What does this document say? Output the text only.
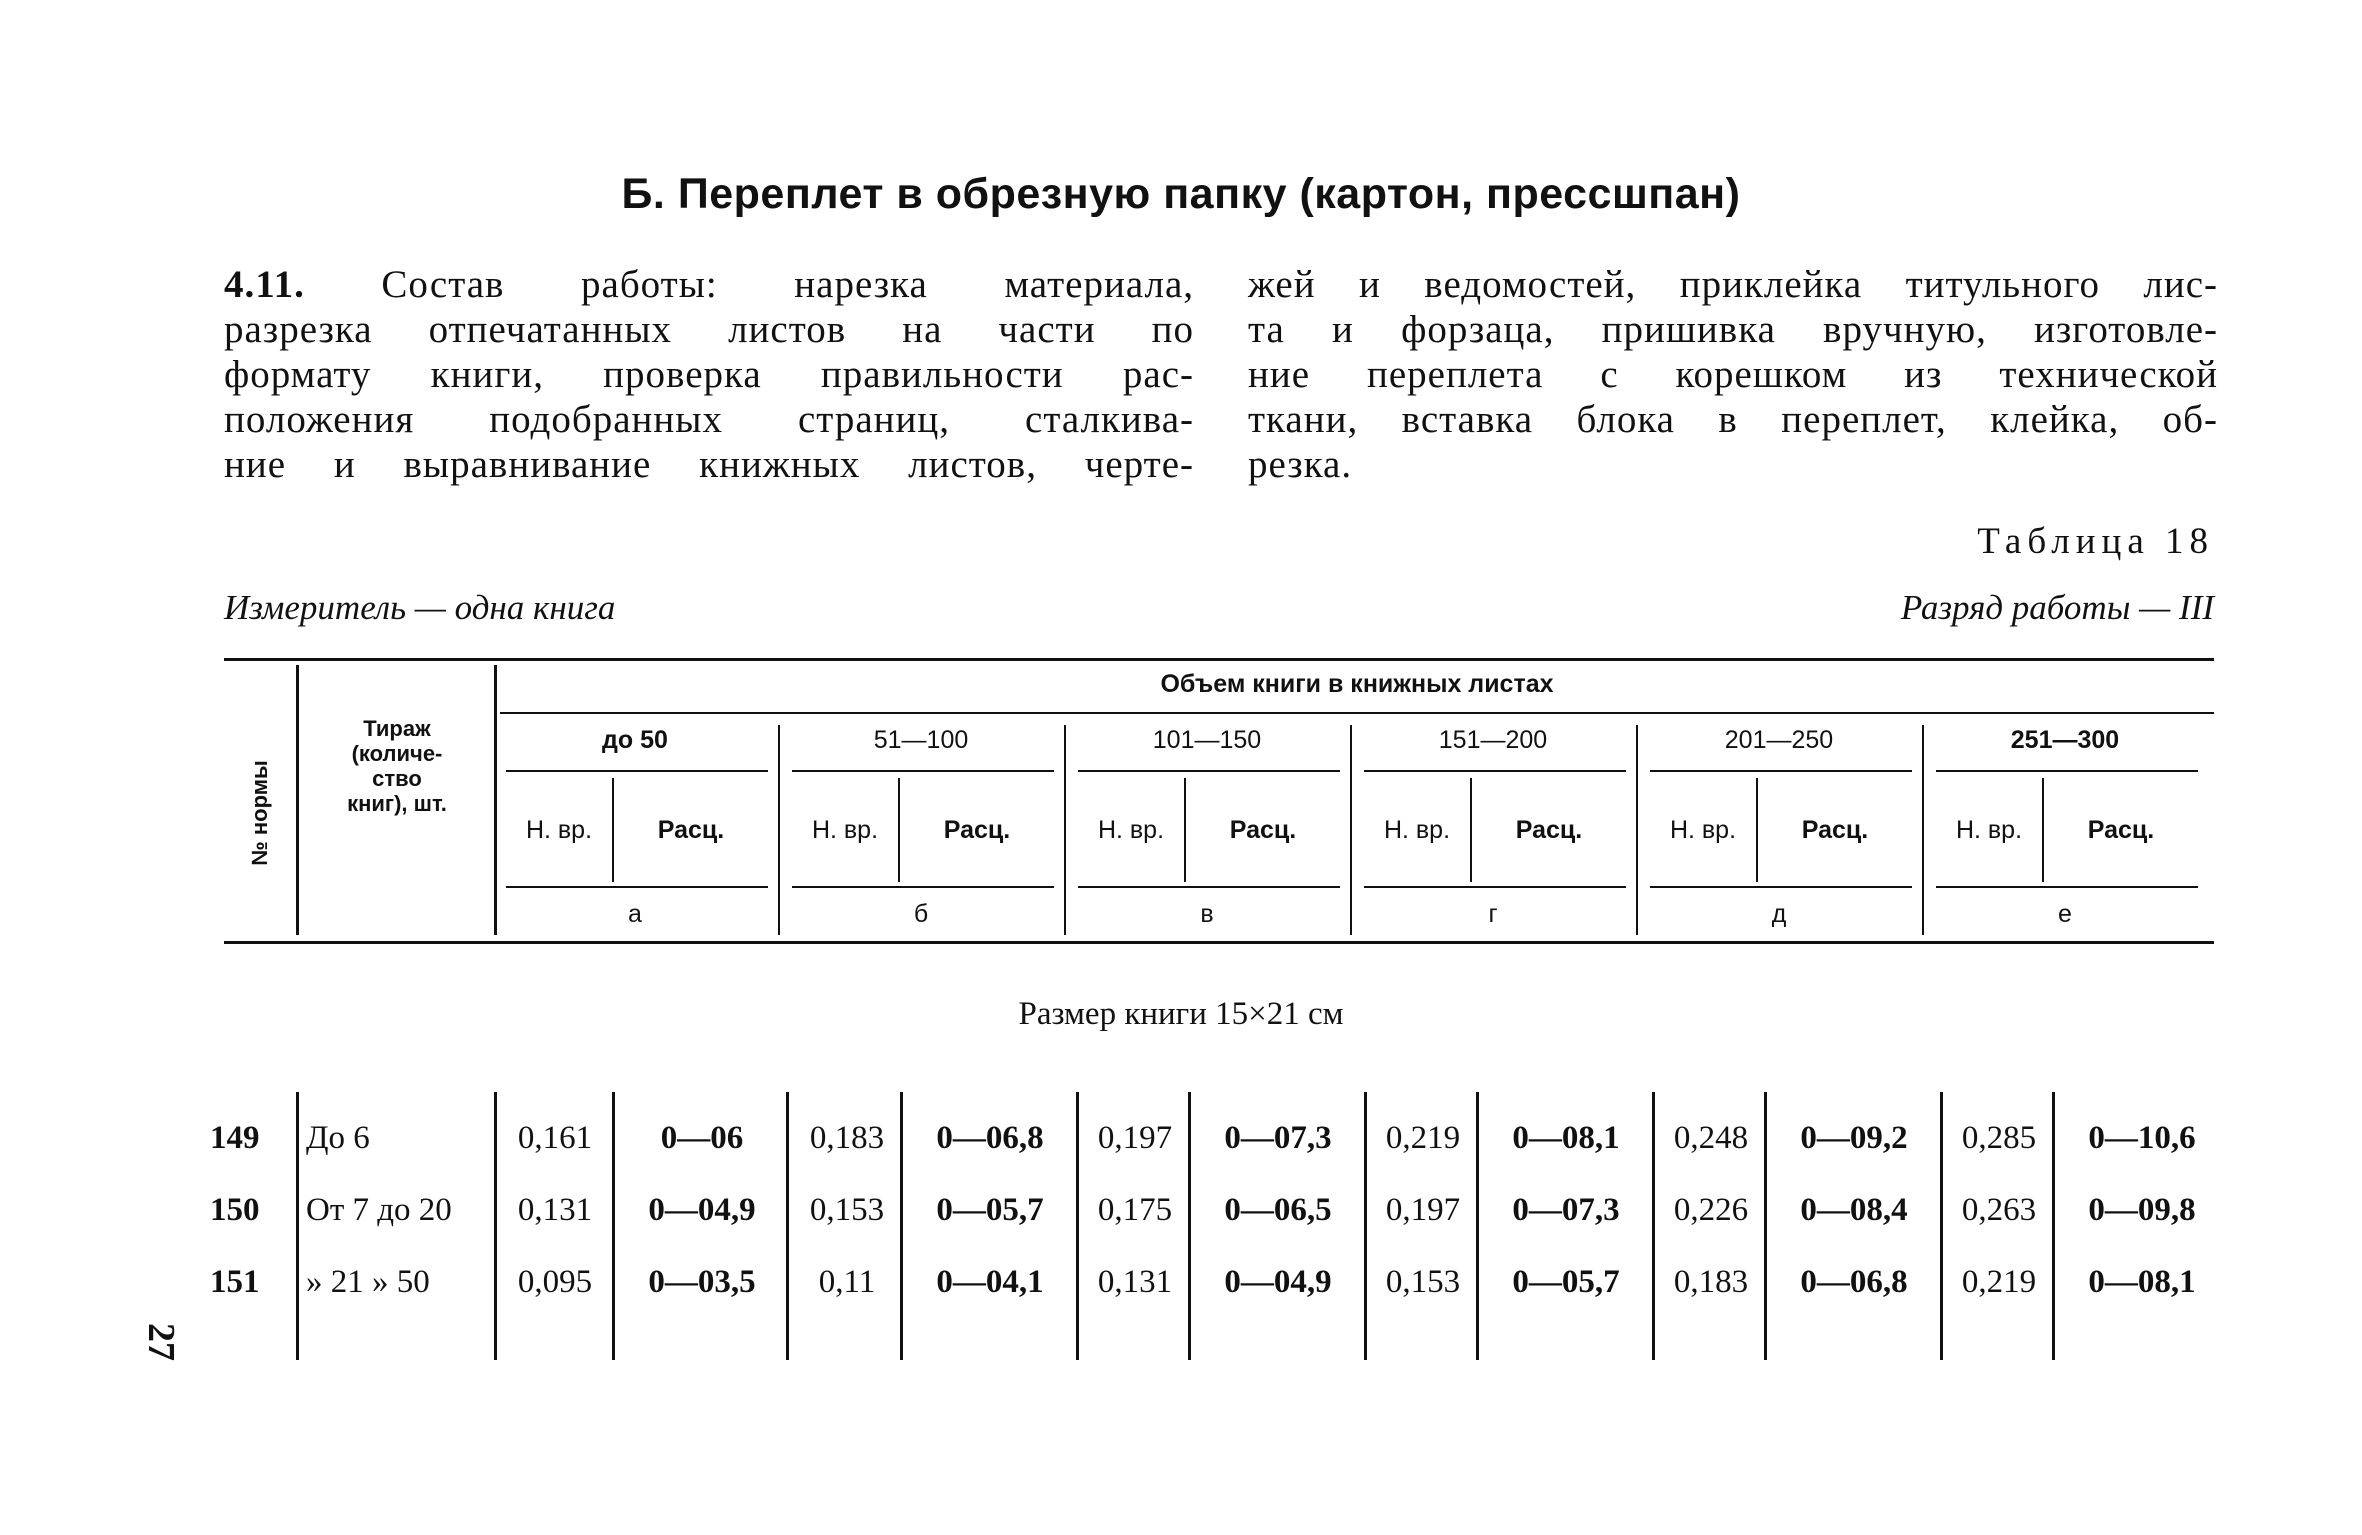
Б. Переплет в обрезную папку (картон, прессшпан)
4.11. Состав работы: нарезка материала,
разрезка отпечатанных листов на части по
формату книги, проверка правильности рас-
положения подобранных страниц, сталкива-
ние и выравнивание книжных листов, черте-
жей и ведомостей, приклейка титульного лис-
та и форзаца, пришивка вручную, изготовле-
ние переплета с корешком из технической
ткани, вставка блока в переплет, клейка, об-
резка.
Таблица 18
Измеритель — одна книга	Разряд работы — III
№ нормы
Тираж
(количе-
ство
книг), шт.
Объем книги в книжных листах
до 50
Н. вр.	Расц.
а
51—100
Н. вр.	Расц.
б
101—150
Н. вр.	Расц.
в
151—200
Н. вр.	Расц.
г
201—250
Н. вр.	Расц.
д
251—300
Н. вр.	Расц.
е
Размер книги 15×21 см
149	До 6	0,161	0—06	0,183	0—06,8	0,197	0—07,3	0,219	0—08,1	0,248	0—09,2	0,285	0—10,6
150	От 7 до 20	0,131	0—04,9	0,153	0—05,7	0,175	0—06,5	0,197	0—07,3	0,226	0—08,4	0,263	0—09,8
151	» 21 » 50	0,095	0—03,5	0,11	0—04,1	0,131	0—04,9	0,153	0—05,7	0,183	0—06,8	0,219	0—08,1
27
